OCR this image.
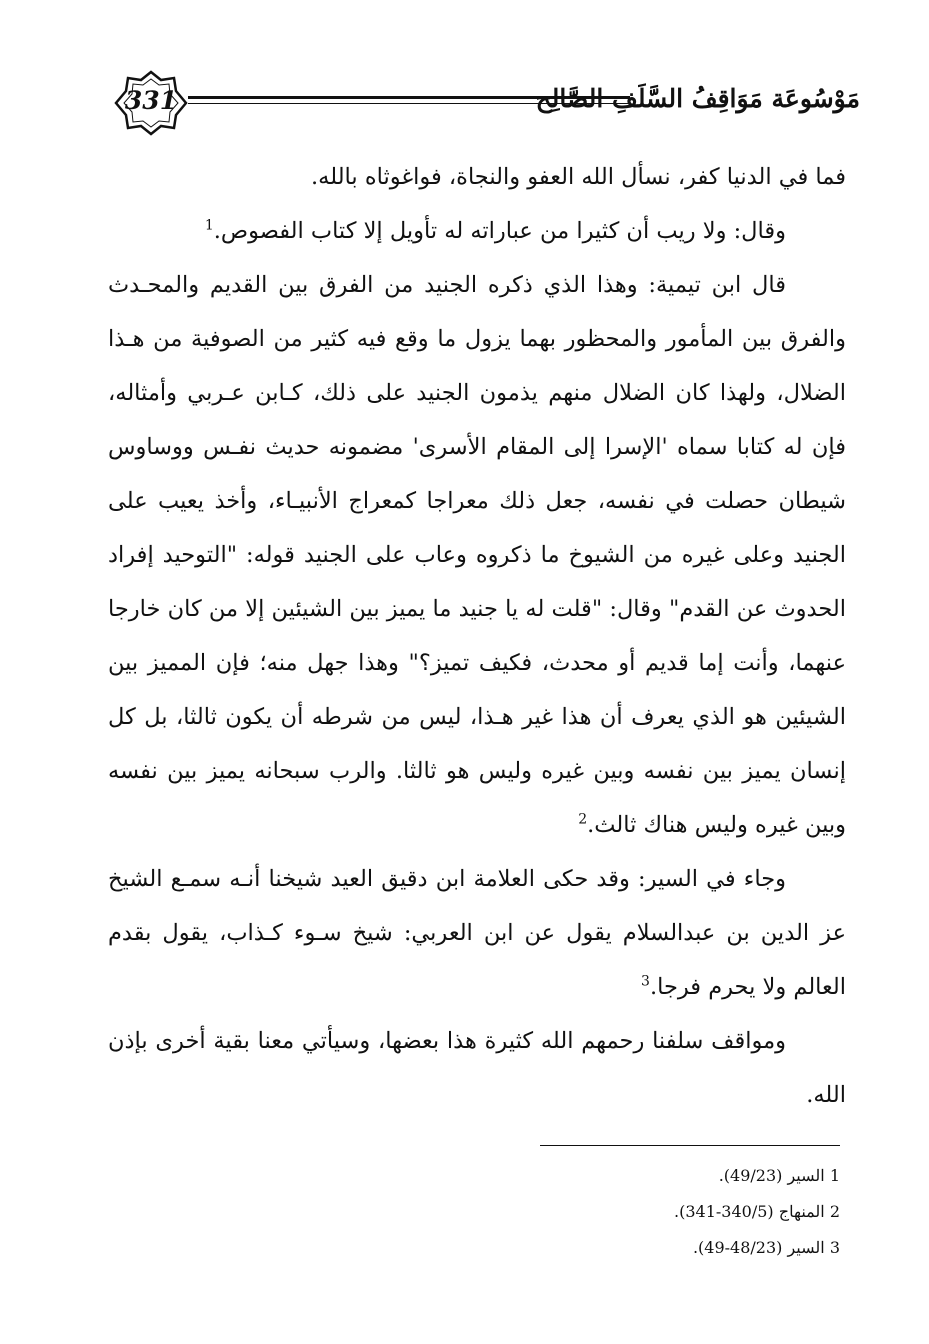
331	مَوْسُوعَة مَوَاقِفُ السَّلَفِ الصَّالِح

فما في الدنيا كفر، نسأل الله العفو والنجاة، فواغوثاه بالله.

وقال: ولا ريب أن كثيرا من عباراته له تأويل إلا كتاب الفصوص.$^1$

قال ابن تيمية: وهذا الذي ذكره الجنيد من الفرق بين القديم والمحـدث والفرق بين المأمور والمحظور بهما يزول ما وقع فيه كثير من الصوفية من هـذا الضلال، ولهذا كان الضلال منهم يذمون الجنيد على ذلك، كـابن عـربي وأمثاله، فإن له كتابا سماه 'الإسرا إلى المقام الأسرى' مضمونه حديث نفـس ووساوس شيطان حصلت في نفسه، جعل ذلك معراجا كمعراج الأنبيـاء، وأخذ يعيب على الجنيد وعلى غيره من الشيوخ ما ذكروه وعاب على الجنيد قوله: "التوحيد إفراد الحدوث عن القدم" وقال: "قلت له يا جنيد ما يميز بين الشيئين إلا من كان خارجا عنهما، وأنت إما قديم أو محدث، فكيف تميز؟" وهذا جهل منه؛ فإن المميز بين الشيئين هو الذي يعرف أن هذا غير هـذا، ليس من شرطه أن يكون ثالثا، بل كل إنسان يميز بين نفسه وبين غيره وليس هو ثالثا. والرب سبحانه يميز بين نفسه وبين غيره وليس هناك ثالث.$^2$

وجاء في السير: وقد حكى العلامة ابن دقيق العيد شيخنا أنـه سمـع الشيخ عز الدين بن عبدالسلام يقول عن ابن العربي: شيخ سـوء كـذاب، يقول بقدم العالم ولا يحرم فرجا.$^3$

ومواقف سلفنا رحمهم الله كثيرة هذا بعضها، وسيأتي معنا بقية أخرى بإذن الله.

1 السير (49/23).

2 المنهاج (340/5-341).

3 السير (48/23-49).
